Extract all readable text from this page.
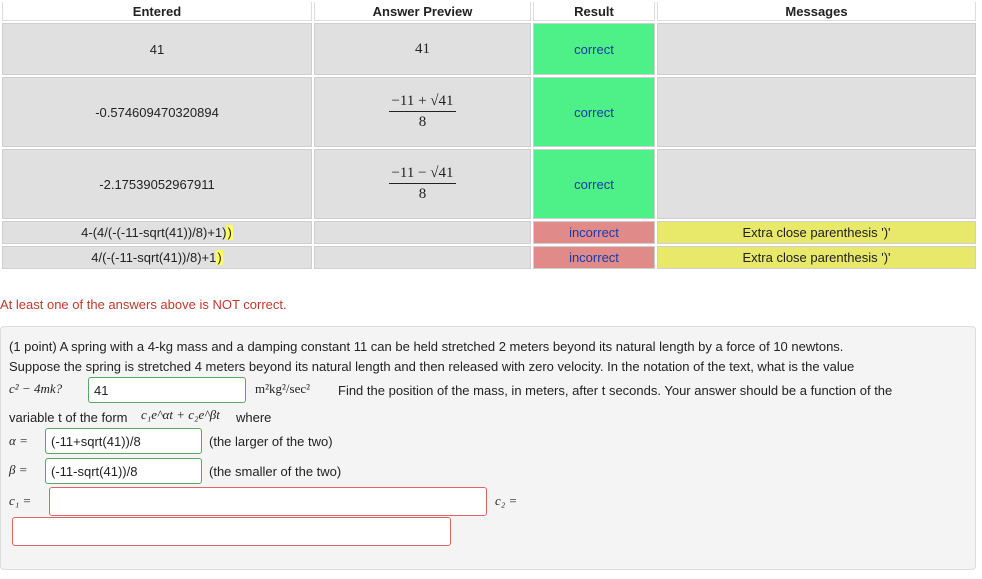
Entered	Answer Preview	Result	Messages
41	41	correct	
-0.574609470320894	$\frac{-11 + √41}{8}$	correct	
-2.17539052967911	$\frac{-11 - √41}{8}$	correct	
4-(4/(-(-11-sqrt(41))/8)+1))		incorrect	Extra close parenthesis ')'
4/(-(-11-sqrt(41))/8)+1)		incorrect	Extra close parenthesis ')'
At least one of the answers above is NOT correct.
(1 point) A spring with a 4-kg mass and a damping constant 11 can be held stretched 2 meters beyond its natural length by a force of 10 newtons.
Suppose the spring is stretched 4 meters beyond its natural length and then released with zero velocity. In the notation of the text, what is the value
c² − 4mk?
41	m²kg²/sec² Find the position of the mass, in meters, after t seconds. Your answer should be a function of the
variable t of the form c₁e^αt + c₂e^βt where
α =
(-11+sqrt(41))/8	(the larger of the two)
β =
(-11-sqrt(41))/8	(the smaller of the two)
c₁ =	c₂ =
